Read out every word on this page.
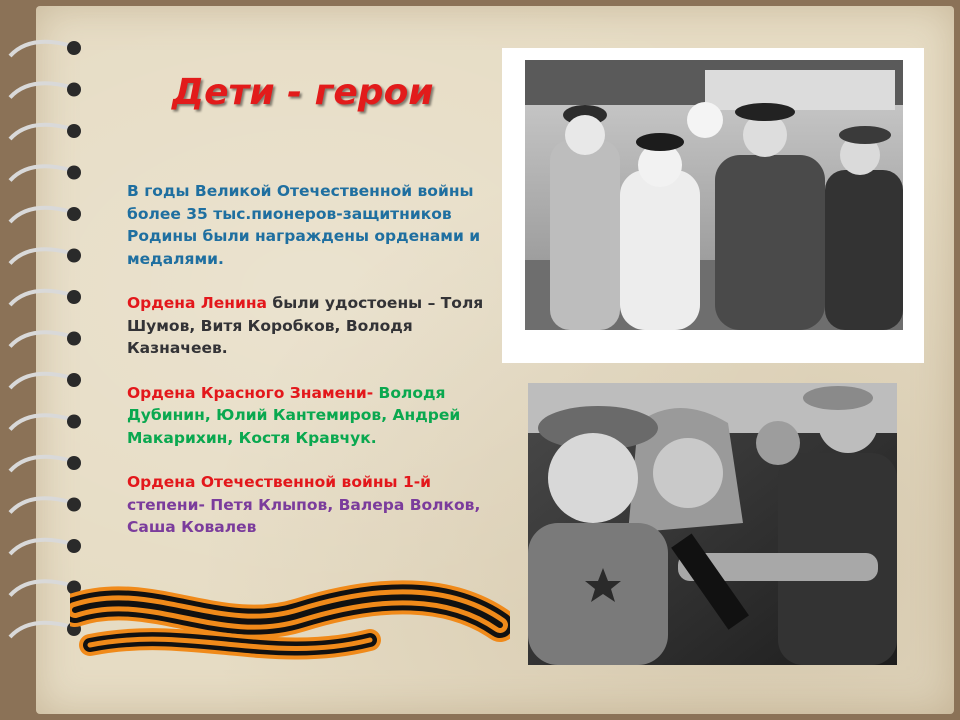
Дети - герои

В годы Великой Отечественной войны более 35 тыс.пионеров-защитников Родины были награждены орденами и медалями.

Ордена Ленина были удостоены – Толя Шумов, Витя Коробков, Володя Казначеев.

Ордена Красного Знамени- Володя Дубинин, Юлий Кантемиров, Андрей Макарихин, Костя Кравчук.

Ордена Отечественной войны 1-й
степени- Петя Клыпов, Валера Волков, Саша Ковалев
